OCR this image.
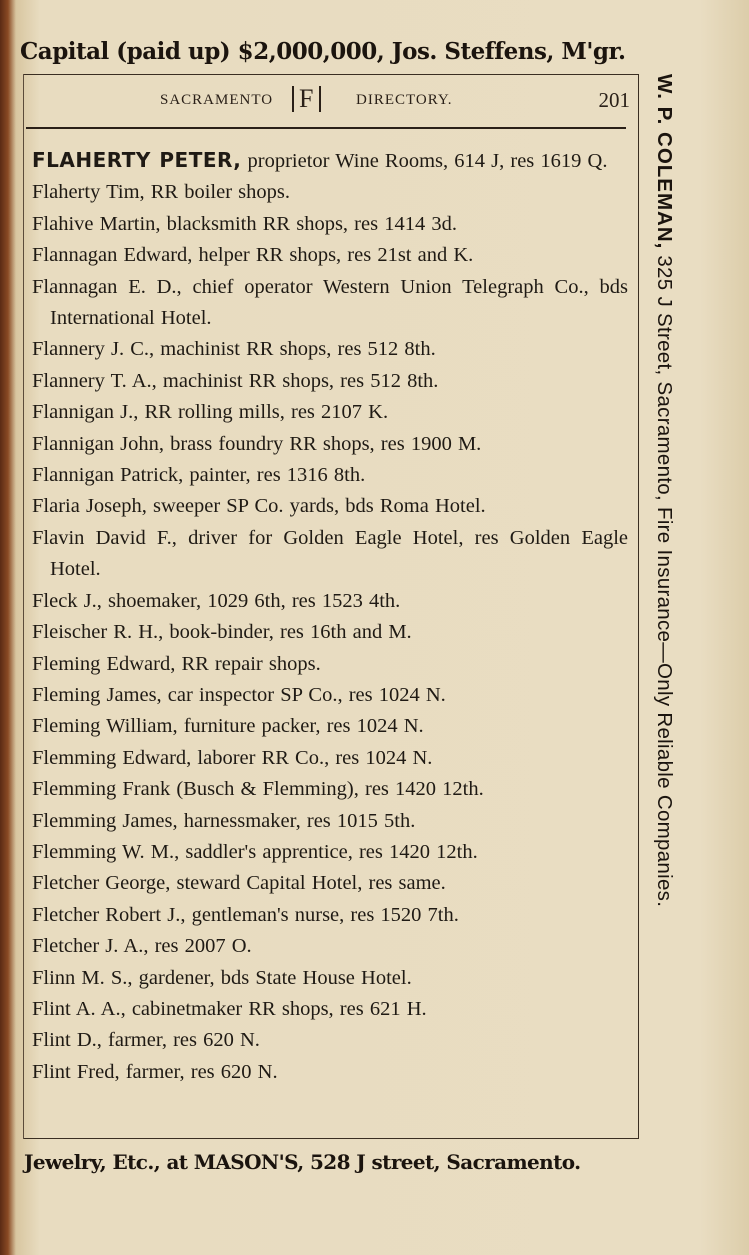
Capital (paid up) $2,000,000, Jos. Steffens, M'gr.
SACRAMENTO F	DIRECTORY.	201
FLAHERTY PETER, proprietor Wine Rooms, 614 J, res 1619 Q.
Flaherty Tim, RR boiler shops.
Flahive Martin, blacksmith RR shops, res 1414 3d.
Flannagan Edward, helper RR shops, res 21st and K.
Flannagan E. D., chief operator Western Union Telegraph Co., bds International Hotel.
Flannery J. C., machinist RR shops, res 512 8th.
Flannery T. A., machinist RR shops, res 512 8th.
Flannigan J., RR rolling mills, res 2107 K.
Flannigan John, brass foundry RR shops, res 1900 M.
Flannigan Patrick, painter, res 1316 8th.
Flaria Joseph, sweeper SP Co. yards, bds Roma Hotel.
Flavin David F., driver for Golden Eagle Hotel, res Golden Eagle Hotel.
Fleck J., shoemaker, 1029 6th, res 1523 4th.
Fleischer R. H., book-binder, res 16th and M.
Fleming Edward, RR repair shops.
Fleming James, car inspector SP Co., res 1024 N.
Fleming William, furniture packer, res 1024 N.
Flemming Edward, laborer RR Co., res 1024 N.
Flemming Frank (Busch & Flemming), res 1420 12th.
Flemming James, harnessmaker, res 1015 5th.
Flemming W. M., saddler's apprentice, res 1420 12th.
Fletcher George, steward Capital Hotel, res same.
Fletcher Robert J., gentleman's nurse, res 1520 7th.
Fletcher J. A., res 2007 O.
Flinn M. S., gardener, bds State House Hotel.
Flint A. A., cabinetmaker RR shops, res 621 H.
Flint D., farmer, res 620 N.
Flint Fred, farmer, res 620 N.
Jewelry, Etc., at MASON'S, 528 J street, Sacramento.
W. P. COLEMAN, 325 J Street, Sacramento, Fire Insurance—Only Reliable Companies.
